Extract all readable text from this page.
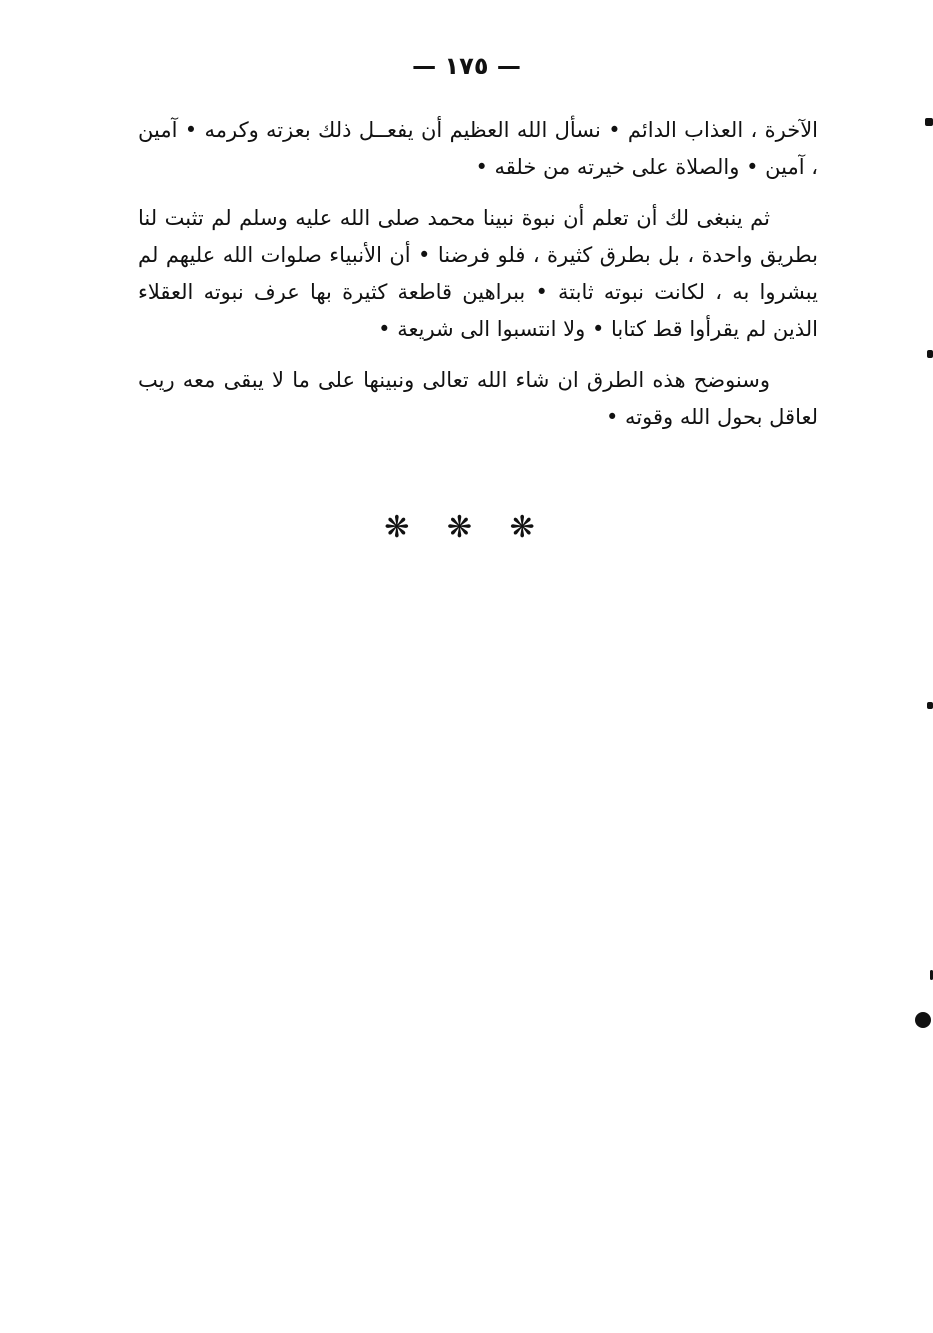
— ١٧٥ —

الآخرة ، العذاب الدائم • نسأل الله العظيم أن يفعــل ذلك بعزته وكرمه • آمين ، آمين • والصلاة على خيرته من خلقه •

ثم ينبغى لك أن تعلم أن نبوة نبينا محمد صلى الله عليه وسلم لم تثبت لنا بطريق واحدة ، بل بطرق كثيرة ، فلو فرضنا • أن الأنبياء صلوات الله عليهم لم يبشروا به ، لكانت نبوته ثابتة • ببراهين قاطعة كثيرة بها عرف نبوته العقلاء الذين لم يقرأوا قط كتابا • ولا انتسبوا الى شريعة •

وسنوضح هذه الطرق ان شاء الله تعالى ونبينها على ما لا يبقى معه ريب لعاقل بحول الله وقوته •

❋ ❋ ❋
